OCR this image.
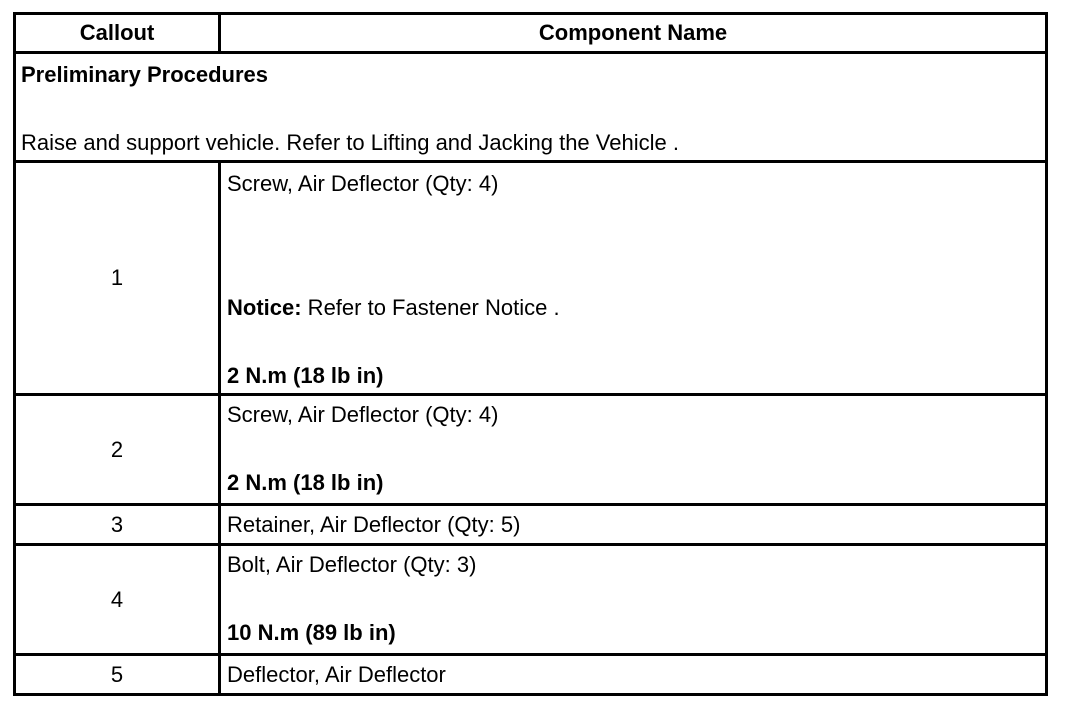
Callout	Component Name

Preliminary Procedures

Raise and support vehicle. Refer to Lifting and Jacking the Vehicle .	

1	Screw, Air Deflector (Qty: 4)

Notice: Refer to Fastener Notice .

2 N.m (18 lb in)

2	Screw, Air Deflector (Qty: 4)

2 N.m (18 lb in)

3	Retainer, Air Deflector (Qty: 5)
4	Bolt, Air Deflector (Qty: 3)

10 N.m (89 lb in)

5	Deflector, Air Deflector
